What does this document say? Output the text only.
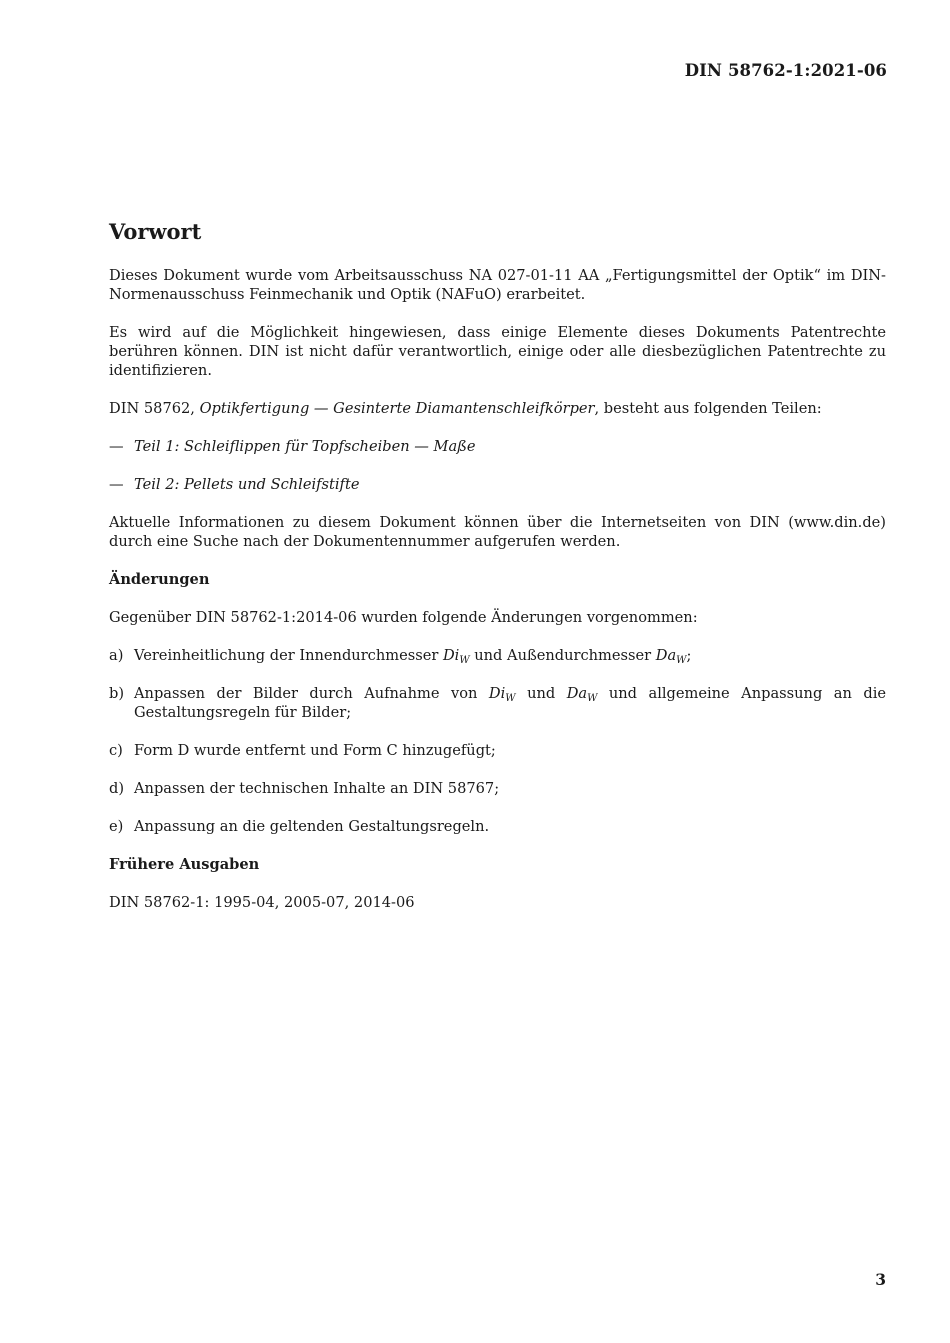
DIN 58762-1:2021-06
Vorwort

Dieses Dokument wurde vom Arbeitsausschuss NA 027-01-11 AA „Fertigungsmittel der Optik“ im DIN-Normenausschuss Feinmechanik und Optik (NAFuO) erarbeitet.

Es wird auf die Möglichkeit hingewiesen, dass einige Elemente dieses Dokuments Patentrechte berühren können. DIN ist nicht dafür verantwortlich, einige oder alle diesbezüglichen Patentrechte zu identifizieren.

DIN 58762, Optikfertigung — Gesinterte Diamantenschleifkörper, besteht aus folgenden Teilen:

— Teil 1: Schleiflippen für Topfscheiben — Maße
— Teil 2: Pellets und Schleifstifte

Aktuelle Informationen zu diesem Dokument können über die Internetseiten von DIN (www.din.de) durch eine Suche nach der Dokumentennummer aufgerufen werden.

Änderungen

Gegenüber DIN 58762-1:2014-06 wurden folgende Änderungen vorgenommen:

a) Vereinheitlichung der Innendurchmesser $Di_W$ und Außendurchmesser $Da_W$;
b) Anpassen der Bilder durch Aufnahme von $Di_W$ und $Da_W$ und allgemeine Anpassung an die Gestaltungsregeln für Bilder;
c) Form D wurde entfernt und Form C hinzugefügt;
d) Anpassen der technischen Inhalte an DIN 58767;
e) Anpassung an die geltenden Gestaltungsregeln.
Frühere Ausgaben

DIN 58762-1: 1995-04, 2005-07, 2014-06

3
